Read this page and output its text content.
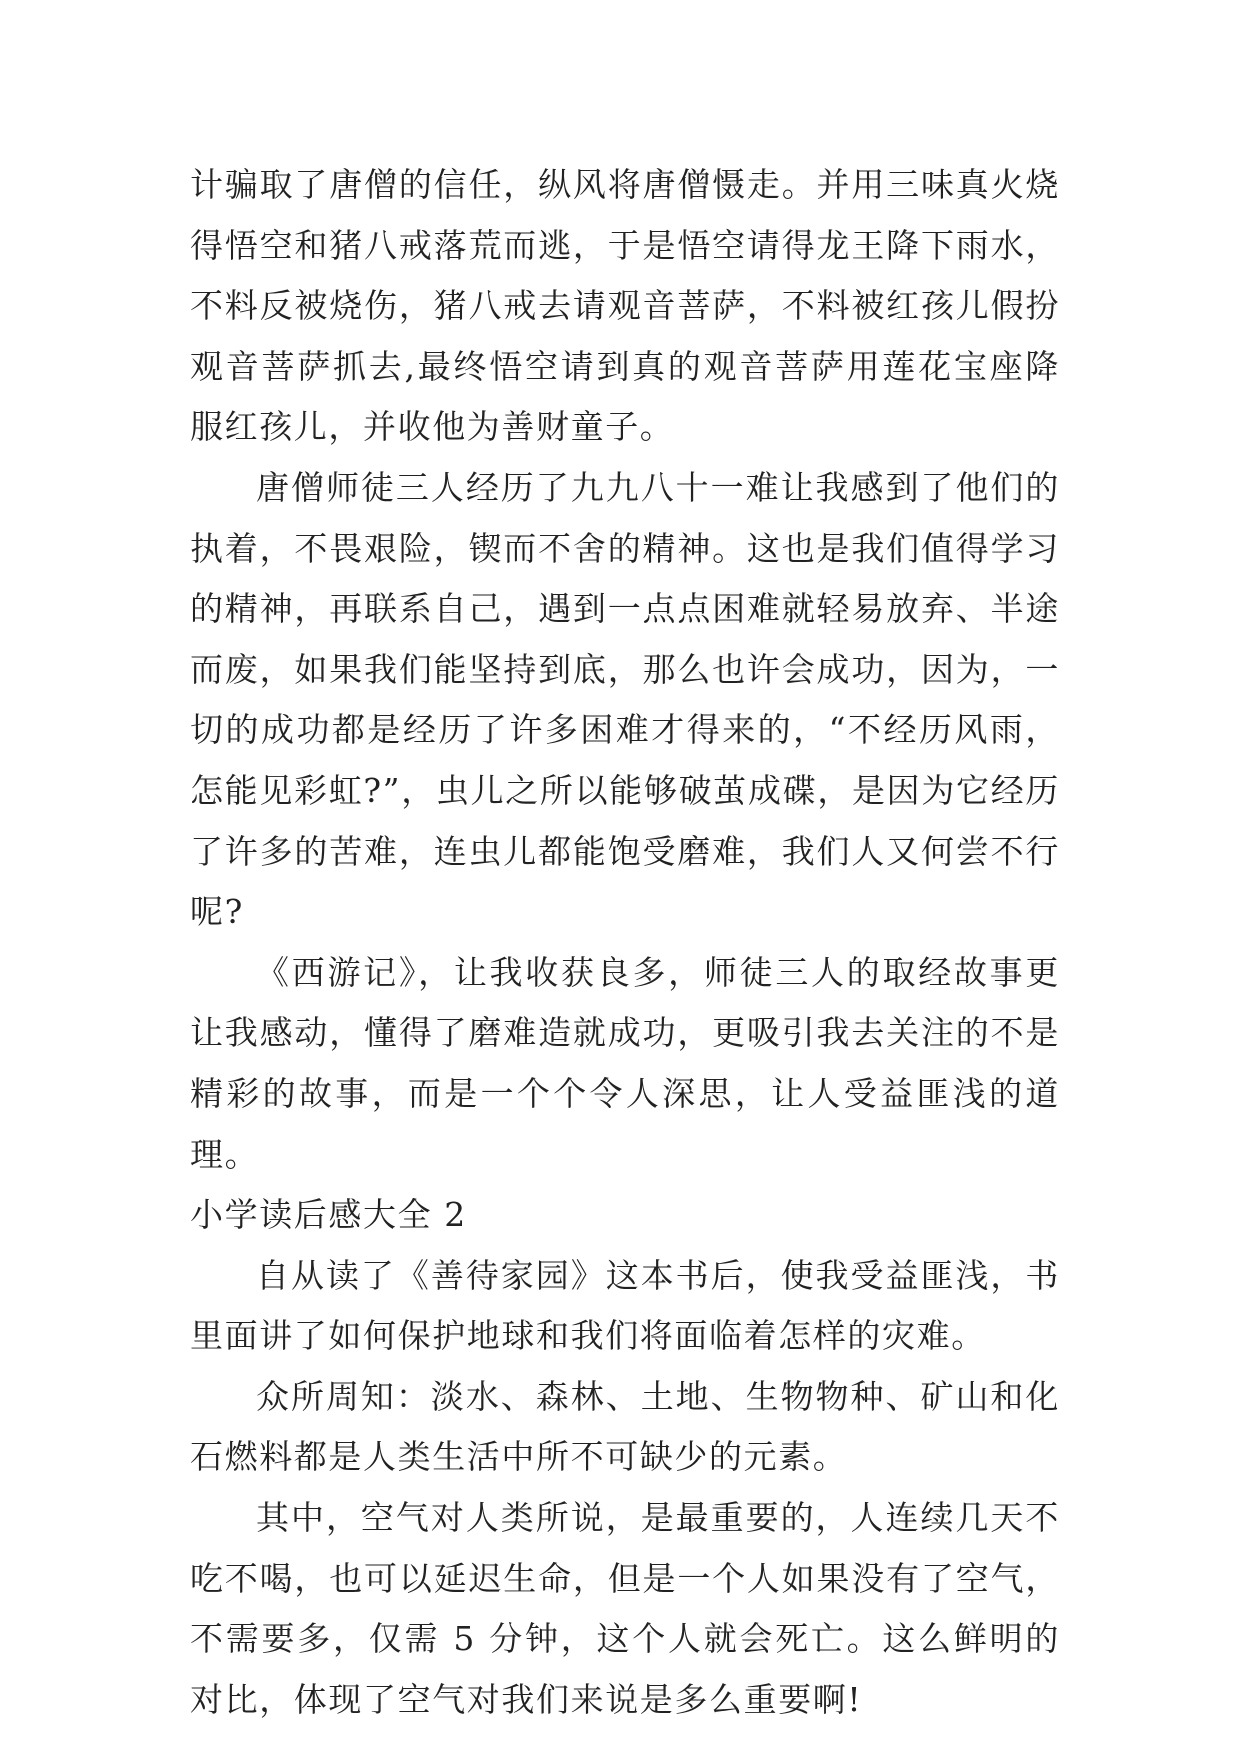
计骗取了唐僧的信任，纵风将唐僧慑走。并用三味真火烧得悟空和猪八戒落荒而逃，于是悟空请得龙王降下雨水，不料反被烧伤，猪八戒去请观音菩萨，不料被红孩儿假扮观音菩萨抓去,最终悟空请到真的观音菩萨用莲花宝座降服红孩儿，并收他为善财童子。

唐僧师徒三人经历了九九八十一难让我感到了他们的执着，不畏艰险，锲而不舍的精神。这也是我们值得学习的精神，再联系自己，遇到一点点困难就轻易放弃、半途而废，如果我们能坚持到底，那么也许会成功，因为，一切的成功都是经历了许多困难才得来的，“不经历风雨，怎能见彩虹?”，虫儿之所以能够破茧成碟，是因为它经历了许多的苦难，连虫儿都能饱受磨难，我们人又何尝不行呢?

《西游记》，让我收获良多，师徒三人的取经故事更让我感动，懂得了磨难造就成功，更吸引我去关注的不是精彩的故事，而是一个个令人深思，让人受益匪浅的道理。

小学读后感大全 2

自从读了《善待家园》这本书后，使我受益匪浅，书里面讲了如何保护地球和我们将面临着怎样的灾难。

众所周知：淡水、森林、土地、生物物种、矿山和化石燃料都是人类生活中所不可缺少的元素。

其中，空气对人类所说，是最重要的，人连续几天不吃不喝，也可以延迟生命，但是一个人如果没有了空气，不需要多，仅需 5 分钟，这个人就会死亡。这么鲜明的对比，体现了空气对我们来说是多么重要啊!
